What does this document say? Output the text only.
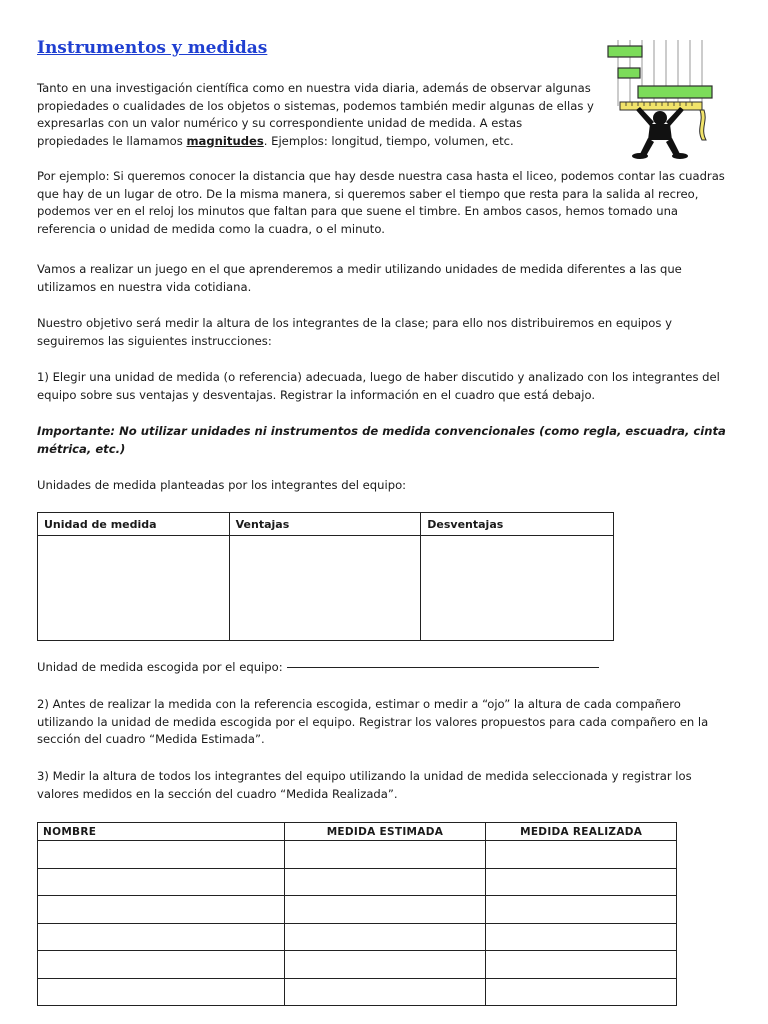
Instrumentos y medidas

Tanto en una investigación científica como en nuestra vida diaria, además de observar algunas propiedades o cualidades de los objetos o sistemas, podemos también medir algunas de ellas y expresarlas con un valor numérico y su correspondiente unidad de medida. A estas propiedades le llamamos magnitudes. Ejemplos: longitud, tiempo, volumen, etc.

Por ejemplo: Si queremos conocer la distancia que hay desde nuestra casa hasta el liceo, podemos contar las cuadras que hay de un lugar de otro. De la misma manera, si queremos saber el tiempo que resta para la salida al recreo, podemos ver en el reloj los minutos que faltan para que suene el timbre. En ambos casos, hemos tomado una referencia o unidad de medida como la cuadra, o el minuto.

Vamos a realizar un juego en el que aprenderemos a medir utilizando unidades de medida diferentes a las que utilizamos en nuestra vida cotidiana.

Nuestro objetivo será medir la altura de los integrantes de la clase; para ello nos distribuiremos en equipos y seguiremos las siguientes instrucciones:

1) Elegir una unidad de medida (o referencia) adecuada, luego de haber discutido y analizado con los integrantes del equipo sobre sus ventajas y desventajas. Registrar la información en el cuadro que está debajo.

Importante: No utilizar unidades ni instrumentos de medida convencionales (como regla, escuadra, cinta métrica, etc.)

Unidades de medida planteadas por los integrantes del equipo:

Unidad de medida	Ventajas	Desventajas

Unidad de medida escogida por el equipo:

2) Antes de realizar la medida con la referencia escogida, estimar o medir a “ojo” la altura de cada compañero utilizando la unidad de medida escogida por el equipo. Registrar los valores propuestos para cada compañero en la sección del cuadro “Medida Estimada”.

3) Medir la altura de todos los integrantes del equipo utilizando la unidad de medida seleccionada y registrar los valores medidos en la sección del cuadro “Medida Realizada”.

NOMBRE	MEDIDA ESTIMADA	MEDIDA REALIZADA
